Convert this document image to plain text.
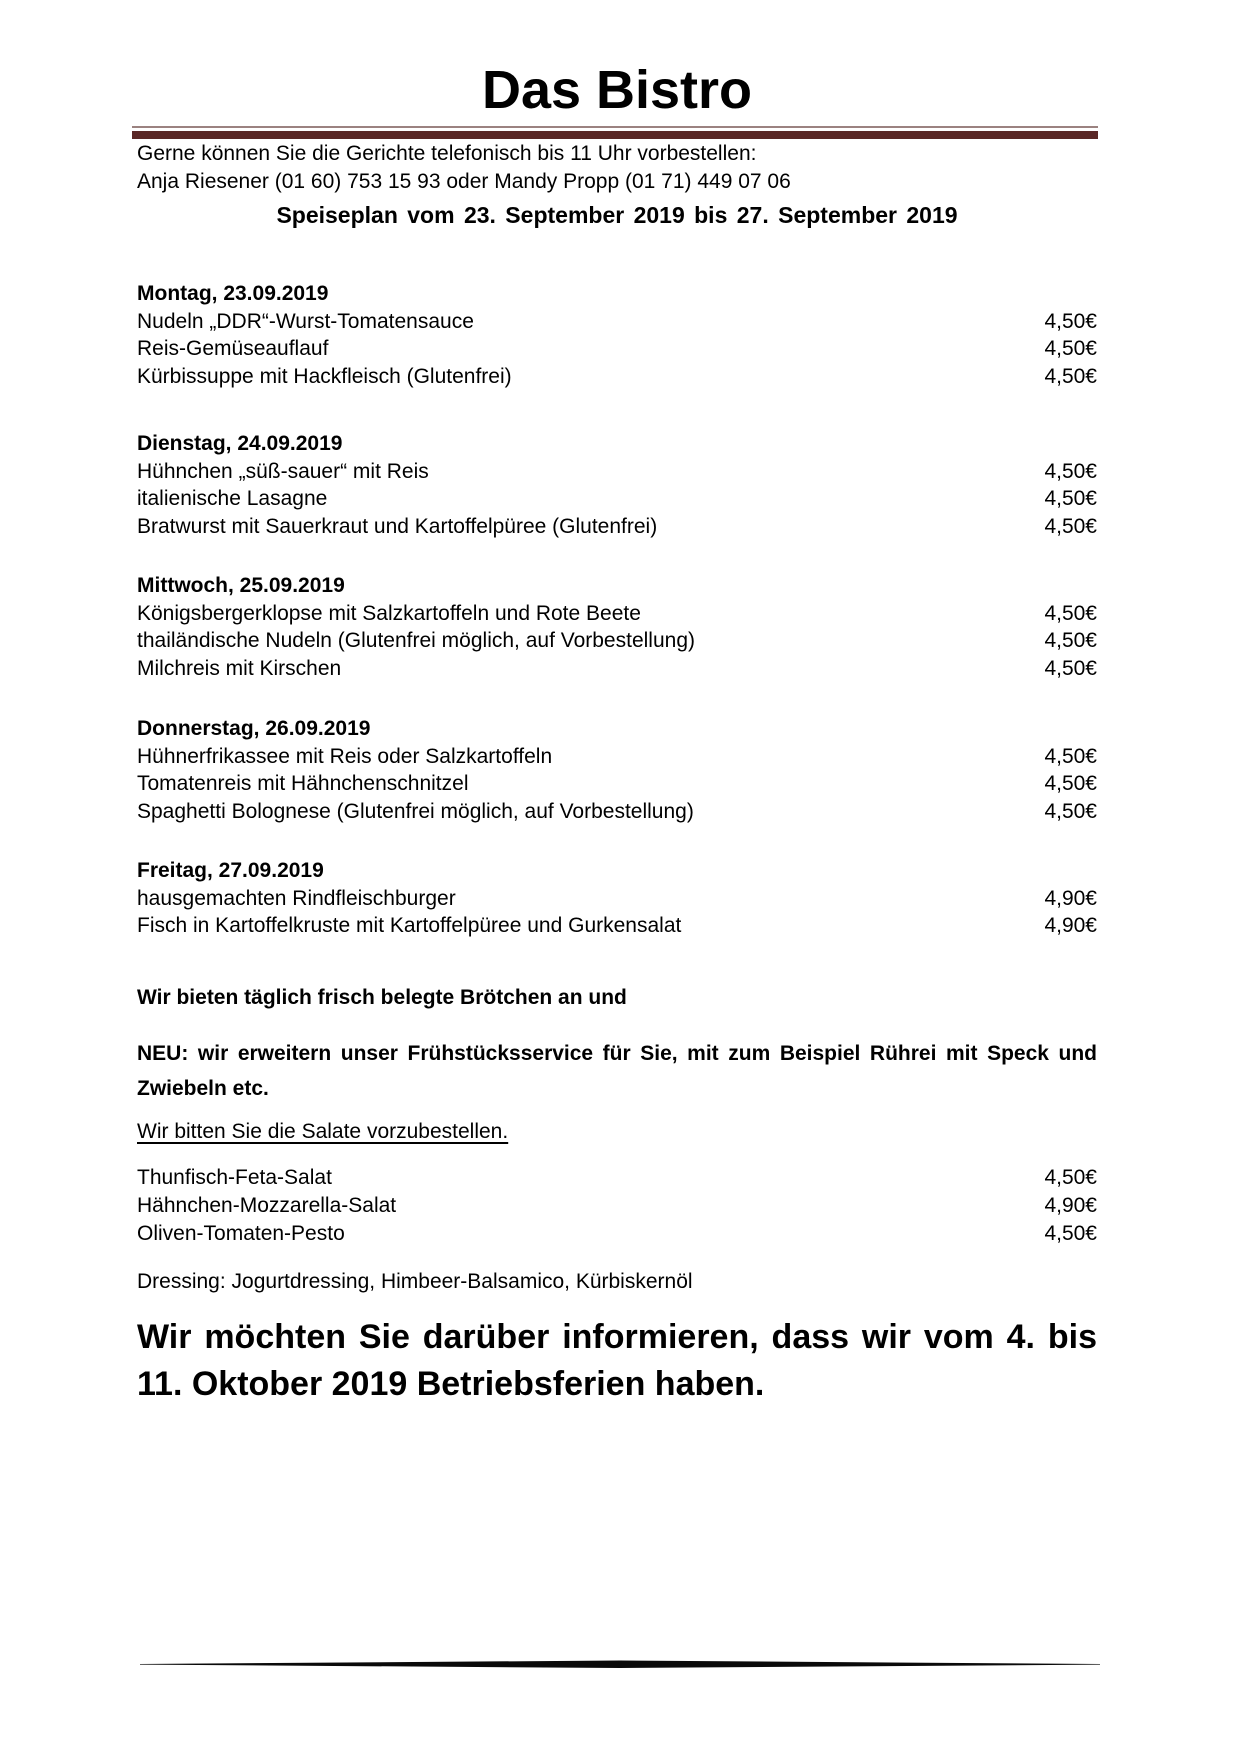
Das Bistro

Gerne können Sie die Gerichte telefonisch bis 11 Uhr vorbestellen:

Anja Riesener (01 60) 753 15 93 oder Mandy Propp (01 71) 449 07 06

Speiseplan vom 23. September 2019 bis 27. September 2019
Montag, 23.09.2019
Nudeln „DDR“-Wurst-Tomatensauce	4,50€
Reis-Gemüseauflauf	4,50€
Kürbissuppe mit Hackfleisch (Glutenfrei)	4,50€
Dienstag, 24.09.2019
Hühnchen „süß-sauer“ mit Reis	4,50€
italienische Lasagne	4,50€
Bratwurst mit Sauerkraut und Kartoffelpüree (Glutenfrei)	4,50€
Mittwoch, 25.09.2019
Königsbergerklopse mit Salzkartoffeln und Rote Beete	4,50€
thailändische Nudeln (Glutenfrei möglich, auf Vorbestellung)	4,50€
Milchreis mit Kirschen	4,50€
Donnerstag, 26.09.2019
Hühnerfrikassee mit Reis oder Salzkartoffeln	4,50€
Tomatenreis mit Hähnchenschnitzel	4,50€
Spaghetti Bolognese (Glutenfrei möglich, auf Vorbestellung)	4,50€
Freitag, 27.09.2019
hausgemachten Rindfleischburger	4,90€
Fisch in Kartoffelkruste mit Kartoffelpüree und Gurkensalat	4,90€

Wir bieten täglich frisch belegte Brötchen an und

NEU: wir erweitern unser Frühstücksservice für Sie, mit zum Beispiel Rührei mit Speck und Zwiebeln etc.

Wir bitten Sie die Salate vorzubestellen.

Thunfisch-Feta-Salat	4,50€
Hähnchen-Mozzarella-Salat	4,90€
Oliven-Tomaten-Pesto	4,50€

Dressing: Jogurtdressing, Himbeer-Balsamico, Kürbiskernöl

Wir möchten Sie darüber informieren, dass wir vom 4. bis 11. Oktober 2019 Betriebsferien haben.
